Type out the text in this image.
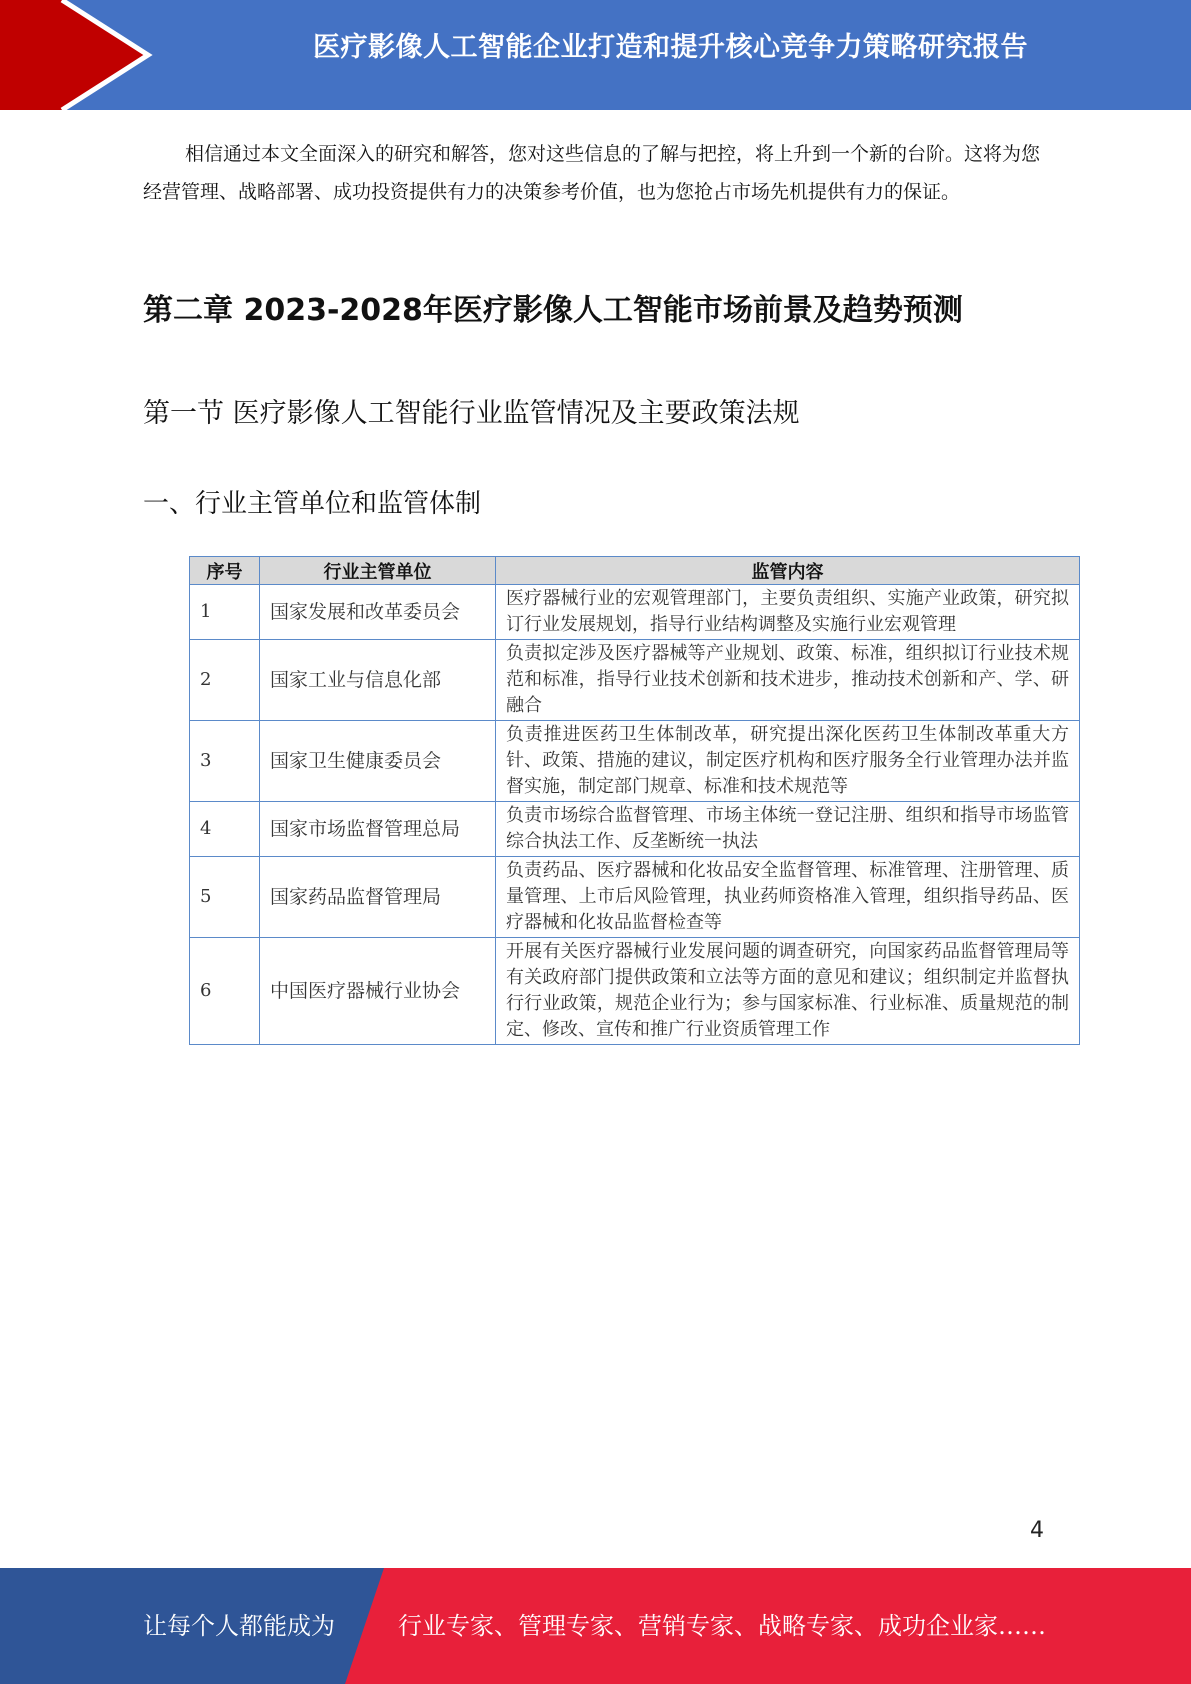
医疗影像人工智能企业打造和提升核心竞争力策略研究报告

相信通过本文全面深入的研究和解答，您对这些信息的了解与把控，将上升到一个新的台阶。这将为您经营管理、战略部署、成功投资提供有力的决策参考价值，也为您抢占市场先机提供有力的保证。

第二章 2023-2028年医疗影像人工智能市场前景及趋势预测
第一节 医疗影像人工智能行业监管情况及主要政策法规
一、行业主管单位和监管体制
序号	行业主管单位	监管内容
1	国家发展和改革委员会	医疗器械行业的宏观管理部门，主要负责组织、实施产业政策，研究拟订行业发展规划，指导行业结构调整及实施行业宏观管理
2	国家工业与信息化部	负责拟定涉及医疗器械等产业规划、政策、标准，组织拟订行业技术规范和标准，指导行业技术创新和技术进步，推动技术创新和产、学、研融合
3	国家卫生健康委员会	负责推进医药卫生体制改革，研究提出深化医药卫生体制改革重大方针、政策、措施的建议，制定医疗机构和医疗服务全行业管理办法并监督实施，制定部门规章、标准和技术规范等
4	国家市场监督管理总局	负责市场综合监督管理、市场主体统一登记注册、组织和指导市场监管综合执法工作、反垄断统一执法
5	国家药品监督管理局	负责药品、医疗器械和化妆品安全监督管理、标准管理、注册管理、质量管理、上市后风险管理，执业药师资格准入管理，组织指导药品、医疗器械和化妆品监督检查等
6	中国医疗器械行业协会	开展有关医疗器械行业发展问题的调查研究，向国家药品监督管理局等有关政府部门提供政策和立法等方面的意见和建议；组织制定并监督执行行业政策，规范企业行为；参与国家标准、行业标准、质量规范的制定、修改、宣传和推广行业资质管理工作
4
让每个人都能成为	行业专家、管理专家、营销专家、战略专家、成功企业家……
